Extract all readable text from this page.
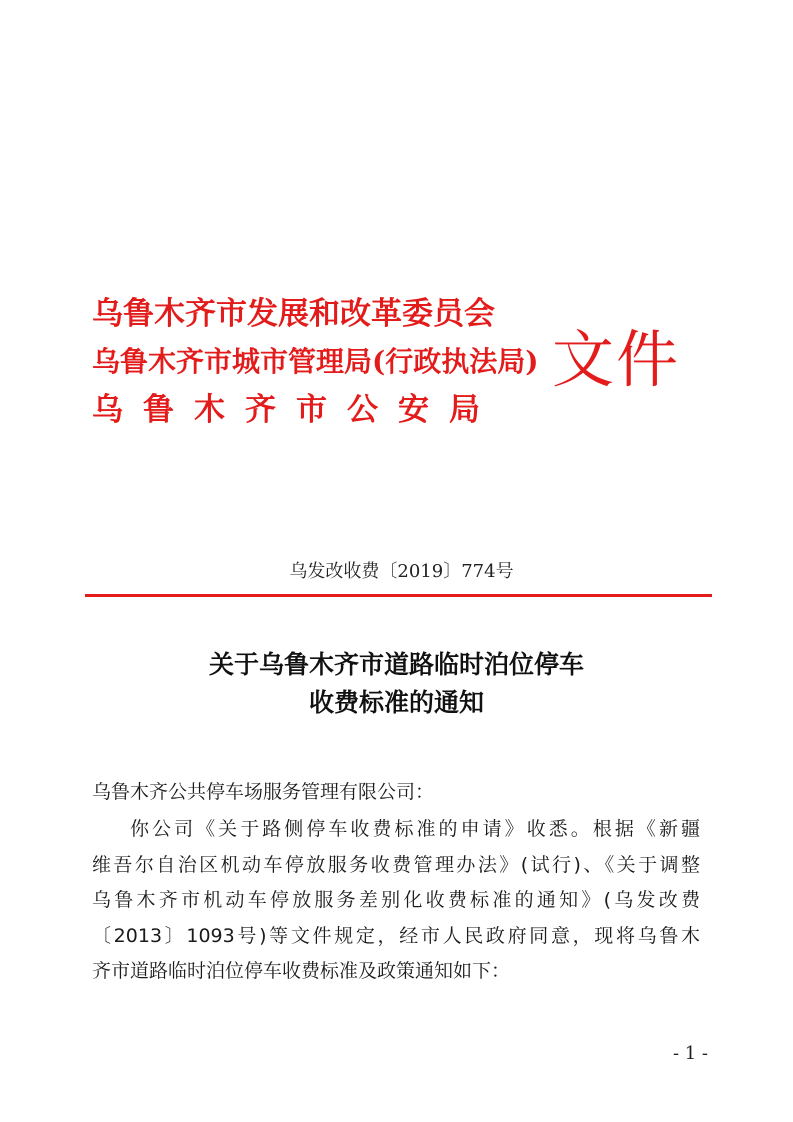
乌鲁木齐市发展和改革委员会
乌鲁木齐市城市管理局(行政执法局)
乌鲁木齐市公安局
文件
乌发改收费〔2019〕774号
关于乌鲁木齐市道路临时泊位停车
收费标准的通知
乌鲁木齐公共停车场服务管理有限公司：
你公司《关于路侧停车收费标准的申请》收悉。根据《新疆
维吾尔自治区机动车停放服务收费管理办法》(试行)、《关于调整
乌鲁木齐市机动车停放服务差别化收费标准的通知》(乌发改费
〔2013〕1093号)等文件规定，经市人民政府同意，现将乌鲁木
齐市道路临时泊位停车收费标准及政策通知如下：
- 1 -
